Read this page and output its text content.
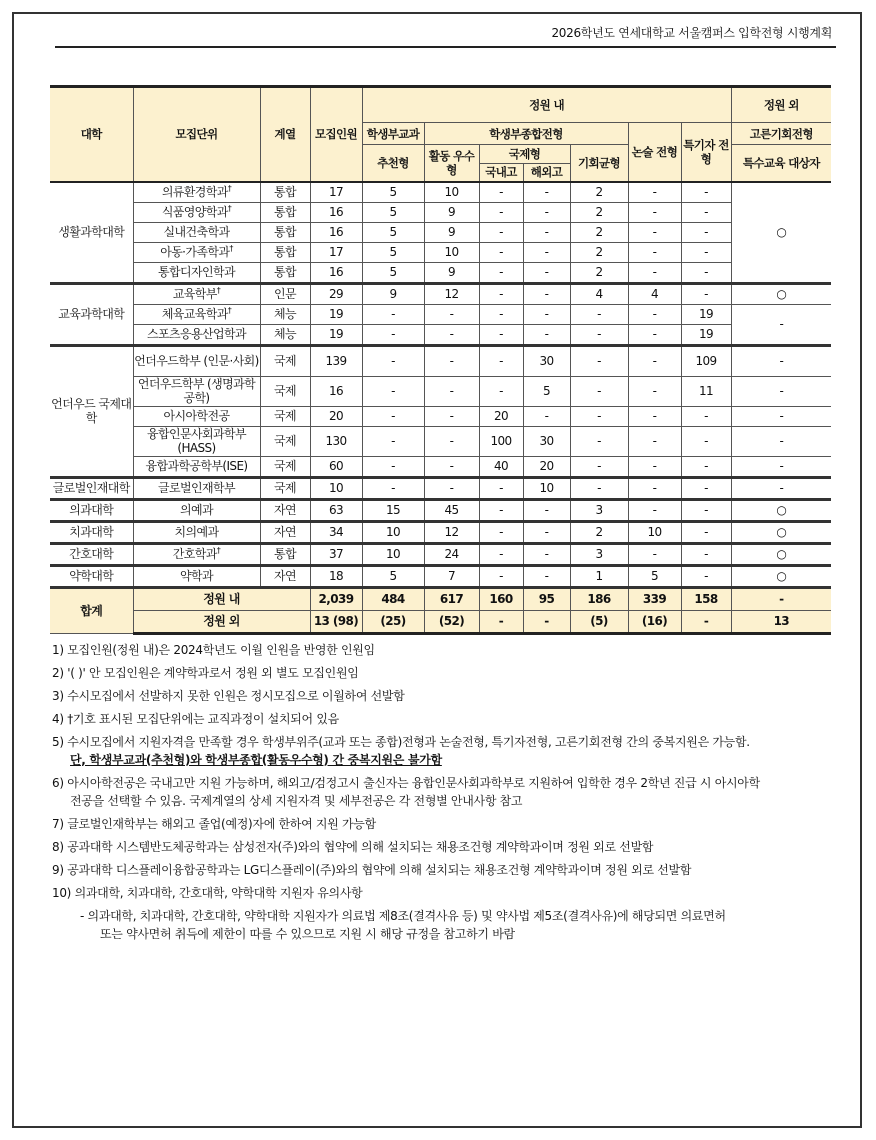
2026학년도 연세대학교 서울캠퍼스 입학전형 시행계획
대학	모집단위	계열	모집인원	정원 내							정원 외
				학생부교과	학생부종합전형				논술 전형	특기자 전형	고른기회전형
				추천형	활동 우수형	국제형		기회균형			특수교육 대상자
						국내고	해외고				
생활과학대학	의류환경학과†	통합	17	5	10	-	-	2	-	-	○
	식품영양학과†	통합	16	5	9	-	-	2	-	-	
	실내건축학과	통합	16	5	9	-	-	2	-	-	
	아동·가족학과†	통합	17	5	10	-	-	2	-	-	
	통합디자인학과	통합	16	5	9	-	-	2	-	-	
교육과학대학	교육학부†	인문	29	9	12	-	-	4	4	-	○
	체육교육학과†	체능	19	-	-	-	-	-	-	19	-
	스포츠응용산업학과	체능	19	-	-	-	-	-	-	19	
언더우드 국제대학	언더우드학부 (인문·사회)	국제	139	-	-	-	30	-	-	109	-
	언더우드학부 (생명과학공학)	국제	16	-	-	-	5	-	-	11	-
	아시아학전공	국제	20	-	-	20	-	-	-	-	-
	융합인문사회과학부 (HASS)	국제	130	-	-	100	30	-	-	-	-
	융합과학공학부(ISE)	국제	60	-	-	40	20	-	-	-	-
글로벌인재대학	글로벌인재학부	국제	10	-	-	-	10	-	-	-	-
의과대학	의예과	자연	63	15	45	-	-	3	-	-	○
치과대학	치의예과	자연	34	10	12	-	-	2	10	-	○
간호대학	간호학과†	통합	37	10	24	-	-	3	-	-	○
약학대학	약학과	자연	18	5	7	-	-	1	5	-	○
합계	정원 내		2,039	484	617	160	95	186	339	158	-
	정원 외		13 (98)	(25)	(52)	-	-	(5)	(16)	-	13

1) 모집인원(정원 내)은 2024학년도 이월 인원을 반영한 인원임

2) '( )' 안 모집인원은 계약학과로서 정원 외 별도 모집인원임

3) 수시모집에서 선발하지 못한 인원은 정시모집으로 이월하여 선발함

4) †기호 표시된 모집단위에는 교직과정이 설치되어 있음

5) 수시모집에서 지원자격을 만족할 경우 학생부위주(교과 또는 종합)전형과 논술전형, 특기자전형, 고른기회전형 간의 중복지원은 가능함.
단, 학생부교과(추천형)와 학생부종합(활동우수형) 간 중복지원은 불가함

6) 아시아학전공은 국내고만 지원 가능하며, 해외고/검정고시 출신자는 융합인문사회과학부로 지원하여 입학한 경우 2학년 진급 시 아시아학
전공을 선택할 수 있음. 국제계열의 상세 지원자격 및 세부전공은 각 전형별 안내사항 참고

7) 글로벌인재학부는 해외고 졸업(예정)자에 한하여 지원 가능함

8) 공과대학 시스템반도체공학과는 삼성전자(주)와의 협약에 의해 설치되는 채용조건형 계약학과이며 정원 외로 선발함

9) 공과대학 디스플레이융합공학과는 LG디스플레이(주)와의 협약에 의해 설치되는 채용조건형 계약학과이며 정원 외로 선발함

10) 의과대학, 치과대학, 간호대학, 약학대학 지원자 유의사항

- 의과대학, 치과대학, 간호대학, 약학대학 지원자가 의료법 제8조(결격사유 등) 및 약사법 제5조(결격사유)에 해당되면 의료면허
또는 약사면허 취득에 제한이 따를 수 있으므로 지원 시 해당 규정을 참고하기 바람
